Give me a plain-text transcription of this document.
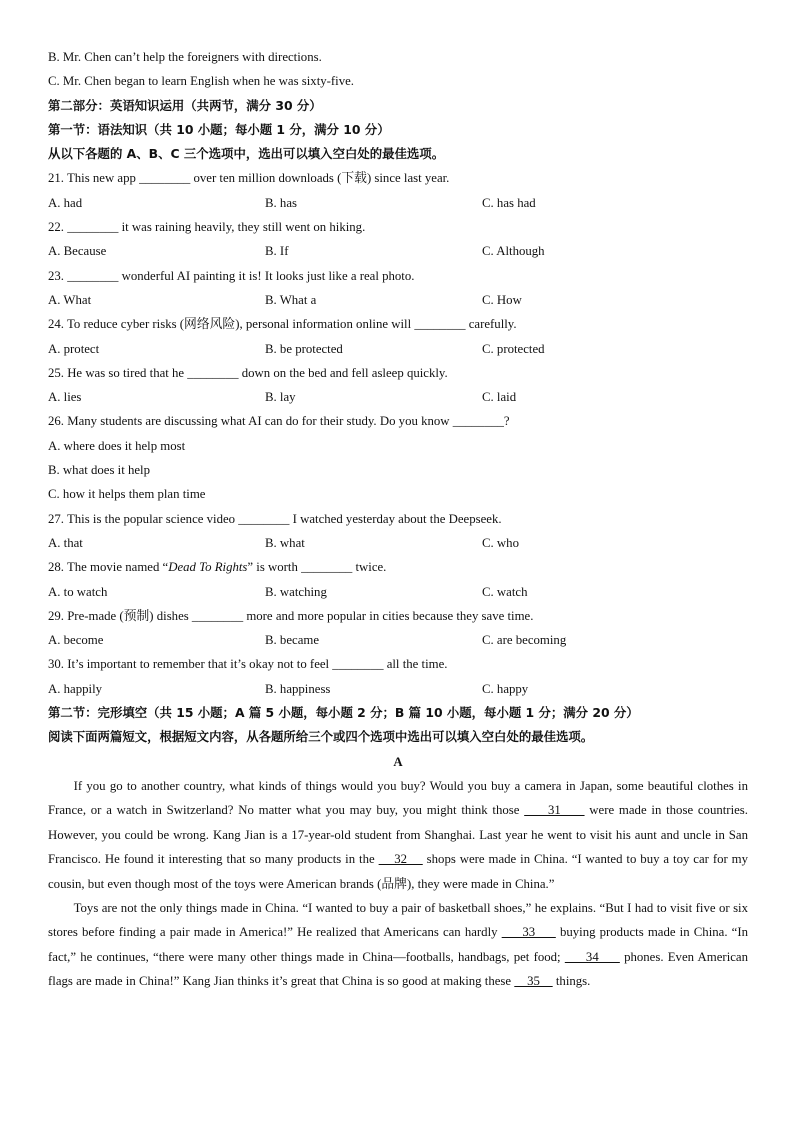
B. Mr. Chen can’t help the foreigners with directions.
C. Mr. Chen began to learn English when he was sixty-five.
第二部分：英语知识运用（共两节，满分 30 分）
第一节：语法知识（共 10 小题；每小题 1 分，满分 10 分）
从以下各题的 A、B、C 三个选项中，选出可以填入空白处的最佳选项。
21. This new app ________ over ten million downloads (下载) since last year.
A. had	B. has	C. has had
22. ________ it was raining heavily, they still went on hiking.
A. Because	B. If	C. Although
23. ________ wonderful AI painting it is! It looks just like a real photo.
A. What	B. What a	C. How
24. To reduce cyber risks (网络风险), personal information online will ________ carefully.
A. protect	B. be protected	C. protected
25. He was so tired that he ________ down on the bed and fell asleep quickly.
A. lies	B. lay	C. laid
26. Many students are discussing what AI can do for their study. Do you know ________?
A. where does it help most
B. what does it help
C. how it helps them plan time
27. This is the popular science video ________ I watched yesterday about the Deepseek.
A. that	B. what	C. who
28. The movie named “Dead To Rights” is worth ________ twice.
A. to watch	B. watching	C. watch
29. Pre-made (预制) dishes ________ more and more popular in cities because they save time.
A. become	B. became	C. are becoming
30. It’s important to remember that it’s okay not to feel ________ all the time.
A. happily	B. happiness	C. happy
第二节：完形填空（共 15 小题；A 篇 5 小题，每小题 2 分；B 篇 10 小题，每小题 1 分；满分 20 分）
阅读下面两篇短文，根据短文内容，从各题所给三个或四个选项中选出可以填入空白处的最佳选项。
A

If you go to another country, what kinds of things would you buy? Would you buy a camera in Japan, some beautiful clothes in France, or a watch in Switzerland? No matter what you may buy, you might think those      31      were made in those countries. However, you could be wrong. Kang Jian is a 17-year-old student from Shanghai. Last year he went to visit his aunt and uncle in San Francisco. He found it interesting that so many products in the     32     shops were made in China. “I wanted to buy a toy car for my cousin, but even though most of the toys were American brands (品牌), they were made in China.”

Toys are not the only things made in China. “I wanted to buy a pair of basketball shoes,” he explains. “But I had to visit five or six stores before finding a pair made in America!” He realized that Americans can hardly      33      buying products made in China. “In fact,” he continues, “there were many other things made in China—footballs, handbags, pet food;      34      phones. Even American flags are made in China!” Kang Jian thinks it’s great that China is so good at making these     35     things.
